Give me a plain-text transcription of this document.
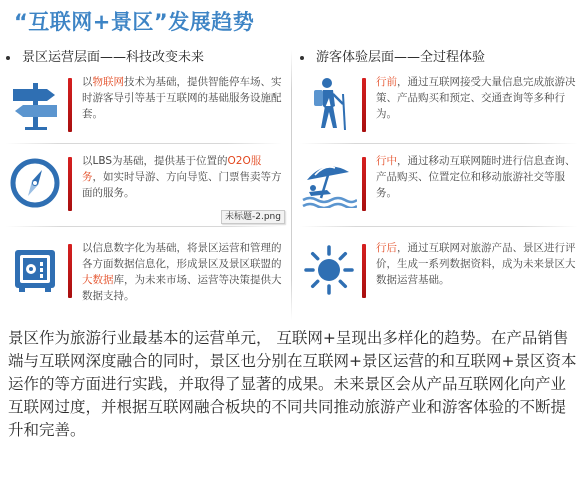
“互联网+景区”发展趋势
景区运营层面——科技改变未来

以物联网技术为基础，提供智能停车场、实时游客导引等基于互联网的基础服务设施配套。

以LBS为基础，提供基于位置的O2O服务，如实时导游、方向导览、门票售卖等方面的服务。

未标题-2.png

以信息数字化为基础，将景区运营和管理的各方面数据信息化，形成景区及景区联盟的大数据库，为未来市场、运营等决策提供大数据支持。

游客体验层面——全过程体验

行前，通过互联网接受大量信息完成旅游决策、产品购买和预定、交通查询等多种行为。

行中，通过移动互联网随时进行信息查询、产品购买、位置定位和移动旅游社交等服务。

行后，通过互联网对旅游产品、景区进行评价，生成一系列数据资料，成为未来景区大数据运营基础。

景区作为旅游行业最基本的运营单元， 互联网+呈现出多样化的趋势。在产品销售端与互联网深度融合的同时，景区也分别在互联网+景区运营的和互联网+景区资本运作的等方面进行实践，并取得了显著的成果。未来景区会从产品互联网化向产业互联网过度，并根据互联网融合板块的不同共同推动旅游产业和游客体验的不断提升和完善。
